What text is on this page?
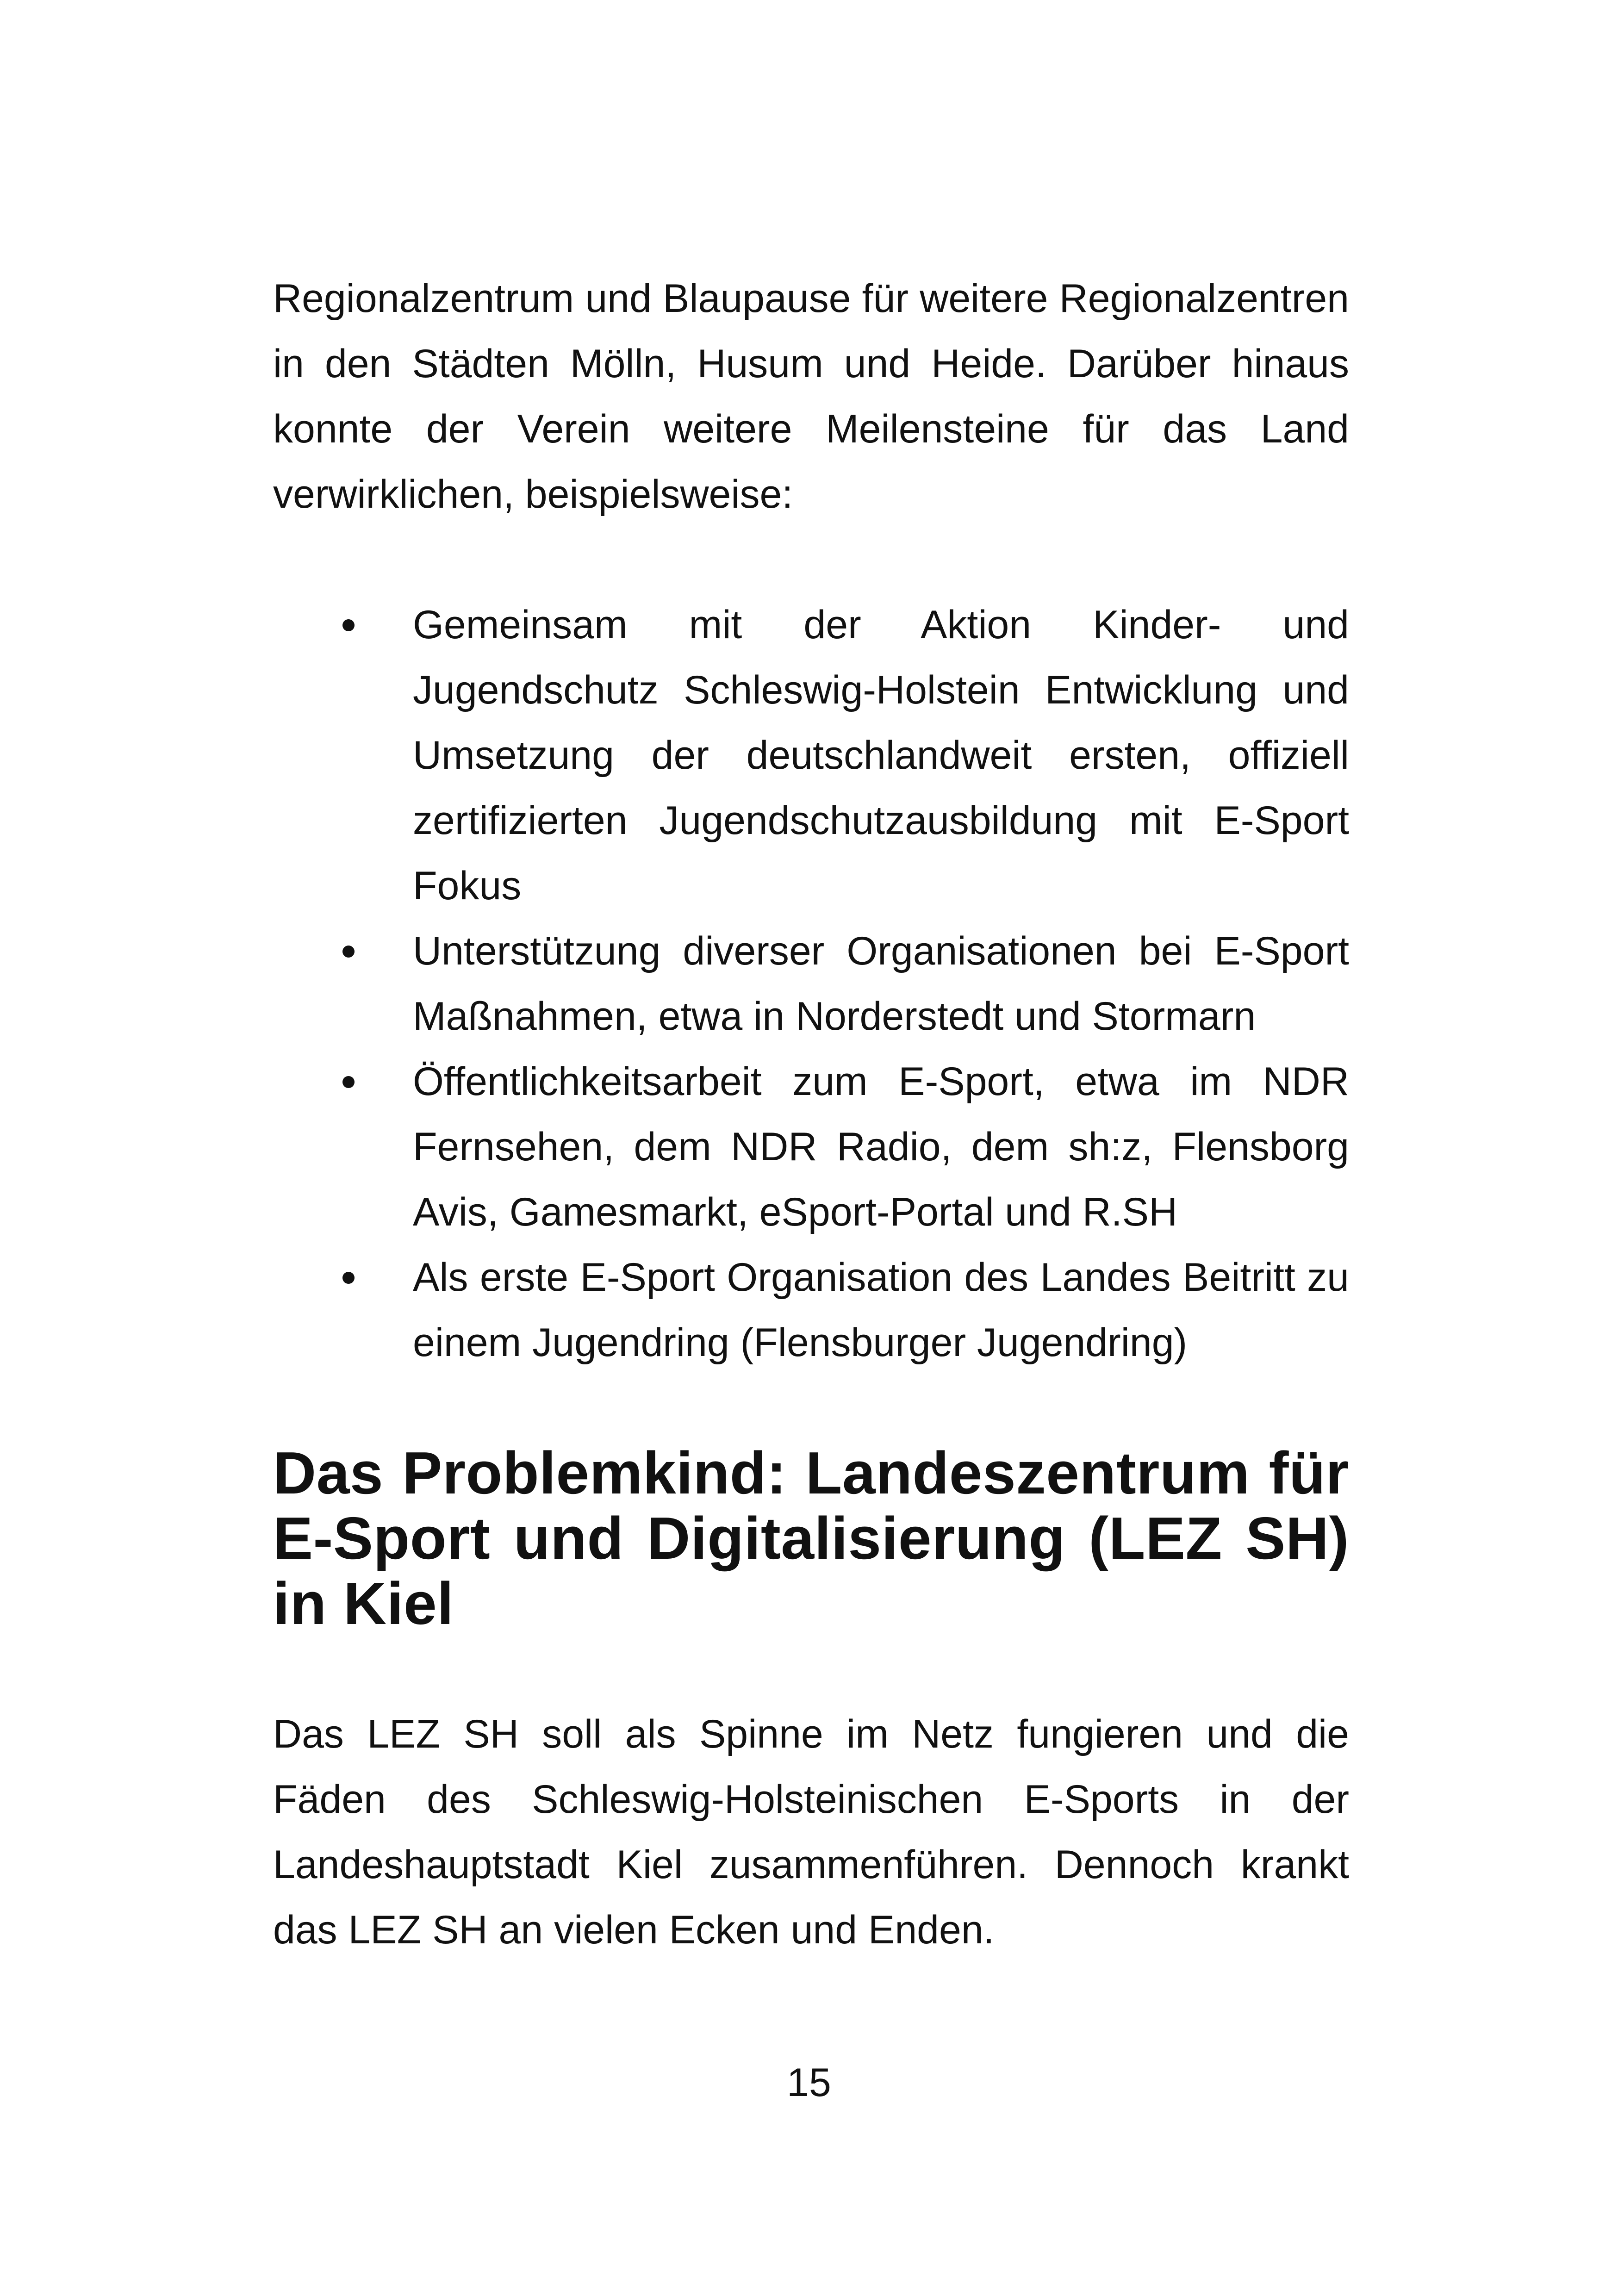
Regionalzentrum und Blaupause für weitere Regionalzentren in den Städten Mölln, Husum und Heide. Darüber hinaus konnte der Verein weitere Meilensteine für das Land verwirklichen, beispielsweise:

Gemeinsam mit der Aktion Kinder- und Jugendschutz Schleswig-Holstein Entwicklung und Umsetzung der deutschlandweit ersten, offiziell zertifizierten Jugendschutzausbildung mit E-Sport Fokus
Unterstützung diverser Organisationen bei E-Sport Maßnahmen, etwa in Norderstedt und Stormarn
Öffentlichkeitsarbeit zum E-Sport, etwa im NDR Fernsehen, dem NDR Radio, dem sh:z, Flensborg Avis, Gamesmarkt, eSport-Portal und R.SH
Als erste E-Sport Organisation des Landes Beitritt zu einem Jugendring (Flensburger Jugendring)
Das Problemkind: Landeszentrum für E-Sport und Digitalisierung (LEZ SH) in Kiel

Das LEZ SH soll als Spinne im Netz fungieren und die Fäden des Schleswig-Holsteinischen E-Sports in der Landeshauptstadt Kiel zusammenführen. Dennoch krankt das LEZ SH an vielen Ecken und Enden.

15
